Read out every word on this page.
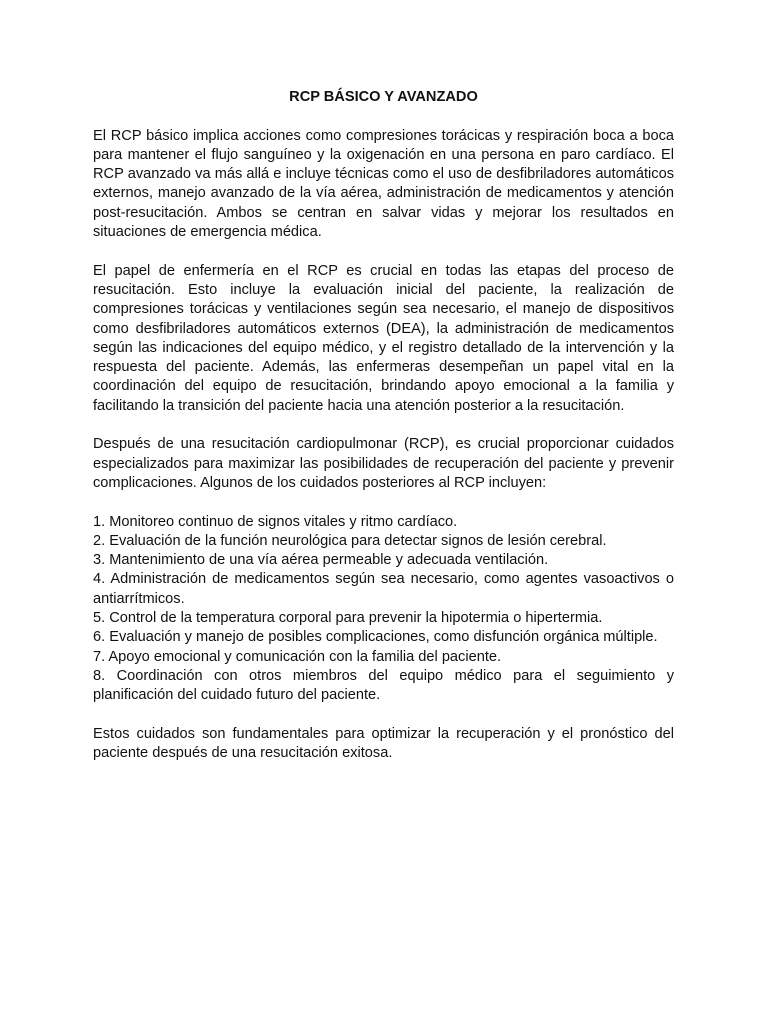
RCP BÁSICO Y AVANZADO

El RCP básico implica acciones como compresiones torácicas y respiración boca a boca para mantener el flujo sanguíneo y la oxigenación en una persona en paro cardíaco. El RCP avanzado va más allá e incluye técnicas como el uso de desfibriladores automáticos externos, manejo avanzado de la vía aérea, administración de medicamentos y atención post-resucitación. Ambos se centran en salvar vidas y mejorar los resultados en situaciones de emergencia médica.

El papel de enfermería en el RCP es crucial en todas las etapas del proceso de resucitación. Esto incluye la evaluación inicial del paciente, la realización de compresiones torácicas y ventilaciones según sea necesario, el manejo de dispositivos como desfibriladores automáticos externos (DEA), la administración de medicamentos según las indicaciones del equipo médico, y el registro detallado de la intervención y la respuesta del paciente. Además, las enfermeras desempeñan un papel vital en la coordinación del equipo de resucitación, brindando apoyo emocional a la familia y facilitando la transición del paciente hacia una atención posterior a la resucitación.

Después de una resucitación cardiopulmonar (RCP), es crucial proporcionar cuidados especializados para maximizar las posibilidades de recuperación del paciente y prevenir complicaciones. Algunos de los cuidados posteriores al RCP incluyen:

1. Monitoreo continuo de signos vitales y ritmo cardíaco.
2. Evaluación de la función neurológica para detectar signos de lesión cerebral.
3. Mantenimiento de una vía aérea permeable y adecuada ventilación.
4. Administración de medicamentos según sea necesario, como agentes vasoactivos o antiarrítmicos.
5. Control de la temperatura corporal para prevenir la hipotermia o hipertermia.
6. Evaluación y manejo de posibles complicaciones, como disfunción orgánica múltiple.
7. Apoyo emocional y comunicación con la familia del paciente.
8. Coordinación con otros miembros del equipo médico para el seguimiento y planificación del cuidado futuro del paciente.

Estos cuidados son fundamentales para optimizar la recuperación y el pronóstico del paciente después de una resucitación exitosa.
